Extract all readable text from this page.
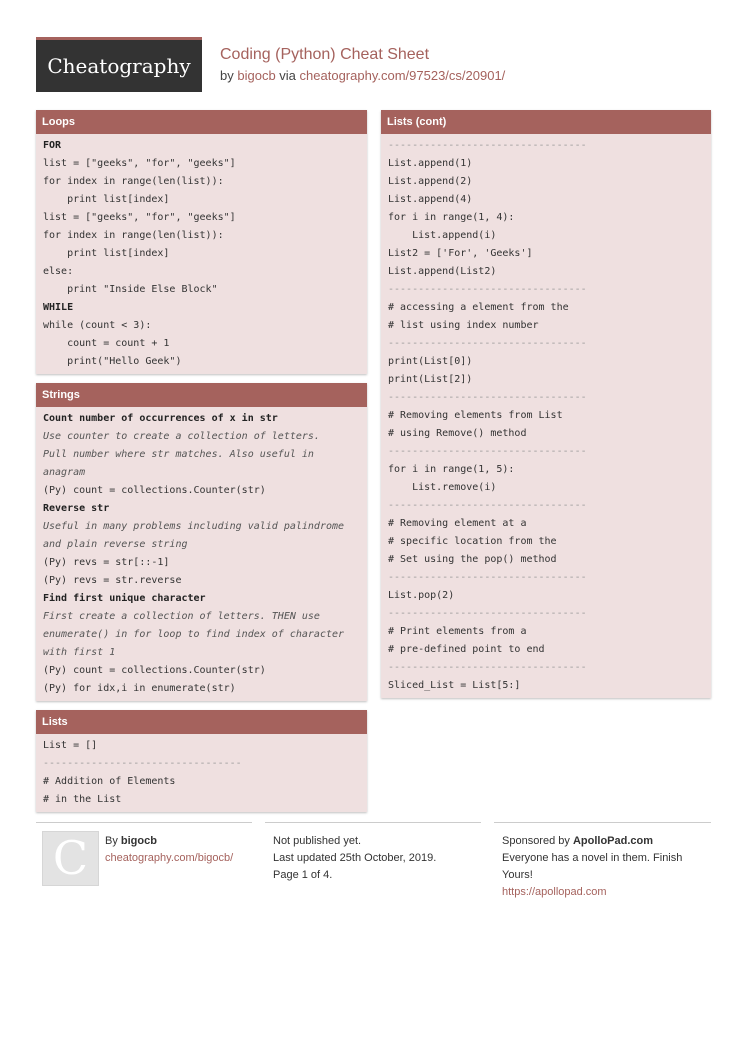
Cheatography Coding (Python) Cheat Sheet
by bigocb via cheatography.com/97523/cs/20901/
Loops
FOR
list = ["geeks", "for", "geeks"]
for index in range(len(list)):
print list[index]
list = ["geeks", "for", "geeks"]
for index in range(len(list)):
print list[index]
else:
print "Inside Else Block"
WHILE
while (count < 3):
count = count + 1
print("Hello Geek")
Strings
Count number of occurrences of x in str
Use counter to create a collection of letters.
Pull number where str matches. Also useful in
anagram
(Py) count = collections.Counter(str)
Reverse str
Useful in many problems including valid palindrome
and plain reverse string
(Py) revs = str[::-1]
(Py) revs = str.reverse
Find first unique character
First create a collection of letters. THEN use
enumerate() in for loop to find index of character
with first 1
(Py) count = collections.Counter(str)
(Py) for idx,i in enumerate(str)
Lists
List = []
---------------------------------
# Addition of Elements
# in the List
Lists (cont)
---------------------------------
List.append(1)
List.append(2)
List.append(4)
for i in range(1, 4):
List.append(i)
List2 = ['For', 'Geeks']
List.append(List2)
---------------------------------
# accessing a element from the
# list using index number
---------------------------------
print(List[0])
print(List[2])
---------------------------------
# Removing elements from List
# using Remove() method
---------------------------------
for i in range(1, 5):
List.remove(i)
---------------------------------
# Removing element at a
# specific location from the
# Set using the pop() method
---------------------------------
List.pop(2)
---------------------------------
# Print elements from a
# pre-defined point to end
---------------------------------
Sliced_List = List[5:]
C By bigocb
cheatography.com/bigocb/
Not published yet.
Last updated 25th October, 2019.
Page 1 of 4.
Sponsored by ApolloPad.com
Everyone has a novel in them. Finish Yours!
https://apollopad.com
